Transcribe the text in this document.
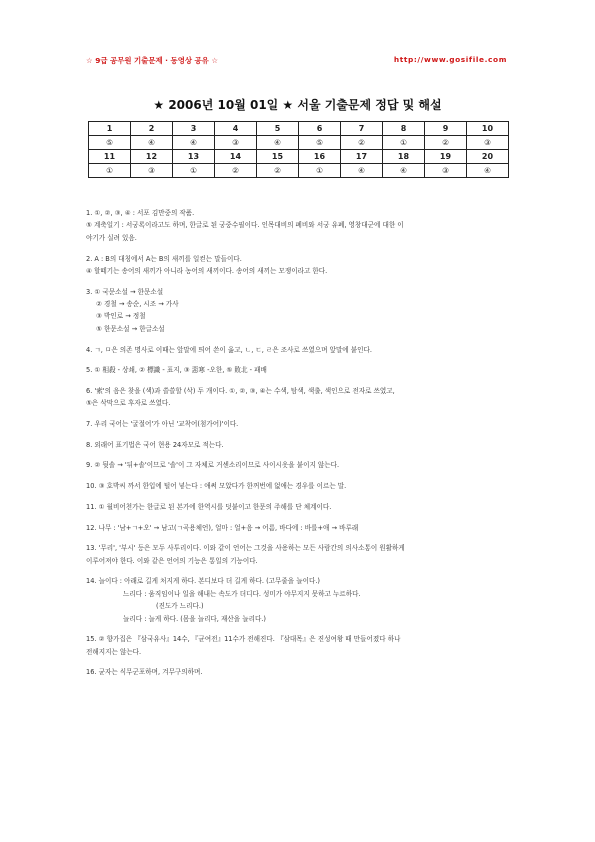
☆ 9급 공무원 기출문제 · 동영상 공유 ☆	http://www.gosifile.com
★ 2006년 10월 01일 ★ 서울 기출문제 정답 및 해설
1	2	3	4	5	6	7	8	9	10
⑤	④	④	③	④	⑤	②	①	②	③
11	12	13	14	15	16	17	18	19	20
①	③	①	②	②	①	④	④	③	④
1. ①, ②, ③, ④ : 서포 김만중의 작품.
⑤ 계축일기 : 서궁록이라고도 하며, 한글로 된 궁중수필이다. 인목대비의 폐비와 서궁 유폐, 영창대군에 대한 이
야기가 실려 있음.
2. A : B의 대칭에서 A는 B의 새끼를 일컫는 말들이다.
④ 할떼기는 송어의 새끼가 아니라 농어의 새끼이다. 송어의 새끼는 모쟁이라고 한다.
3. ① 국문소설 → 한문소설
② 경철 → 송순, 시조 → 가사
③ 박인로 → 정철
⑤ 한문소설 → 한글소설
4. ㄱ, ㅁ은 의존 명사로 이때는 앞말에 띄어 쓴이 옳고, ㄴ, ㄷ, ㄹ은 조사로 쓰였으며 앞말에 붙인다.
5. ① 相殺 - 상쇄, ② 標識 - 표지, ③ 惡寒 -오한, ⑤ 敗北 - 패배
6. '索'의 음은 찾을 (색)과 쓸쓸할 (삭) 두 개이다. ①, ②, ③, ④는 수색, 탐색, 색출, 색인으로 전자로 쓰였고,
⑤은 삭막으로 후자로 쓰였다.
7. 우리 국어는 '굴절어'가 아닌 '교착어(첨가어)'이다.
8. 외래어 표기법은 국어 현용 24자모로 적는다.
9. ② 뒷솔 → '뒤+솔'이므로 '솔'이 그 자체로 거센소리이므로 사이시옷을 붙이지 않는다.
10. ③ 호박씨 까서 한입에 털어 넣는다 : 애써 모았다가 한꺼번에 없애는 경우를 이르는 말.
11. ① 월비어천가는 한글로 된 본가에 한역시를 덧붙이고 한문의 주해를 단 체계이다.
12. 나무 : '남+ㄱ+오' → 남고(ㄱ곡용체언), 얼마 : 얼+음 → 어름, 바다에 : 바를+애 → 바루래
13. '무리', '부시' 등은 모두 사투리이다. 이와 같이 언어는 그것을 사용하는 모든 사람간의 의사소통이 원활하게
이루어져야 한다. 이와 같은 언어의 기능은 통일의 기능이다.
14. 늘이다 : 아래로 길게 처지게 하다. 본디보다 더 길게 하다. (고무줄을 늘이다.)
느리다 : 움직임이나 일을 해내는 속도가 더디다. 성미가 야무지지 못하고 누르하다.
(진도가 느리다.)
늘리다 : 늘게 하다. (몸을 늘리다, 재산을 늘리다.)
15. ② 향가집은 『삼국유사』14수, 『균여전』11수가 전해진다. 『삼대목』은 진성여왕 때 만들어졌다 하나
전해지지는 않는다.
16. 균자는 식무군포하며, 겨무구의하며.
